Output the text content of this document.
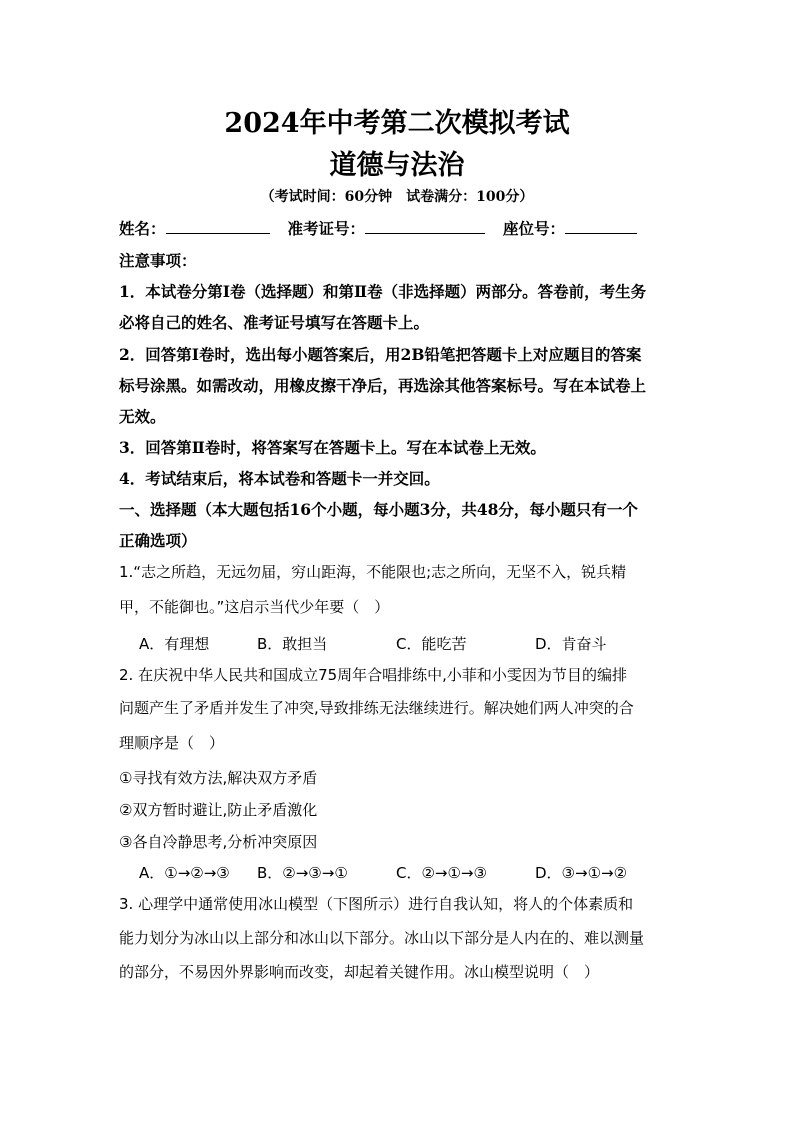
2024年中考第二次模拟考试
道德与法治
（考试时间：60分钟　试卷满分：100分）
姓名：	准考证号：	座位号：
注意事项：
1．本试卷分第Ⅰ卷（选择题）和第Ⅱ卷（非选择题）两部分。答卷前，考生务
必将自己的姓名、准考证号填写在答题卡上。
2．回答第Ⅰ卷时，选出每小题答案后，用2B铅笔把答题卡上对应题目的答案
标号涂黑。如需改动，用橡皮擦干净后，再选涂其他答案标号。写在本试卷上
无效。
3．回答第Ⅱ卷时，将答案写在答题卡上。写在本试卷上无效。
4．考试结束后，将本试卷和答题卡一并交回。
一、选择题（本大题包括16个小题，每小题3分，共48分，每小题只有一个
正确选项）
1.“志之所趋，无远勿届，穷山距海，不能限也;志之所向，无坚不入，锐兵精
甲，不能御也。”这启示当代少年要（　）
A．有理想	B．敢担当	C．能吃苦	D．肯奋斗
2. 在庆祝中华人民共和国成立75周年合唱排练中,小菲和小雯因为节目的编排
问题产生了矛盾并发生了冲突,导致排练无法继续进行。解决她们两人冲突的合
理顺序是（　）
①寻找有效方法,解决双方矛盾
②双方暂时避让,防止矛盾激化
③各自冷静思考,分析冲突原因
A．①→②→③ B．②→③→①	C．②→①→③	D．③→①→②
3. 心理学中通常使用冰山模型（下图所示）进行自我认知，将人的个体素质和
能力划分为冰山以上部分和冰山以下部分。冰山以下部分是人内在的、难以测量
的部分，不易因外界影响而改变，却起着关键作用。冰山模型说明（　）
